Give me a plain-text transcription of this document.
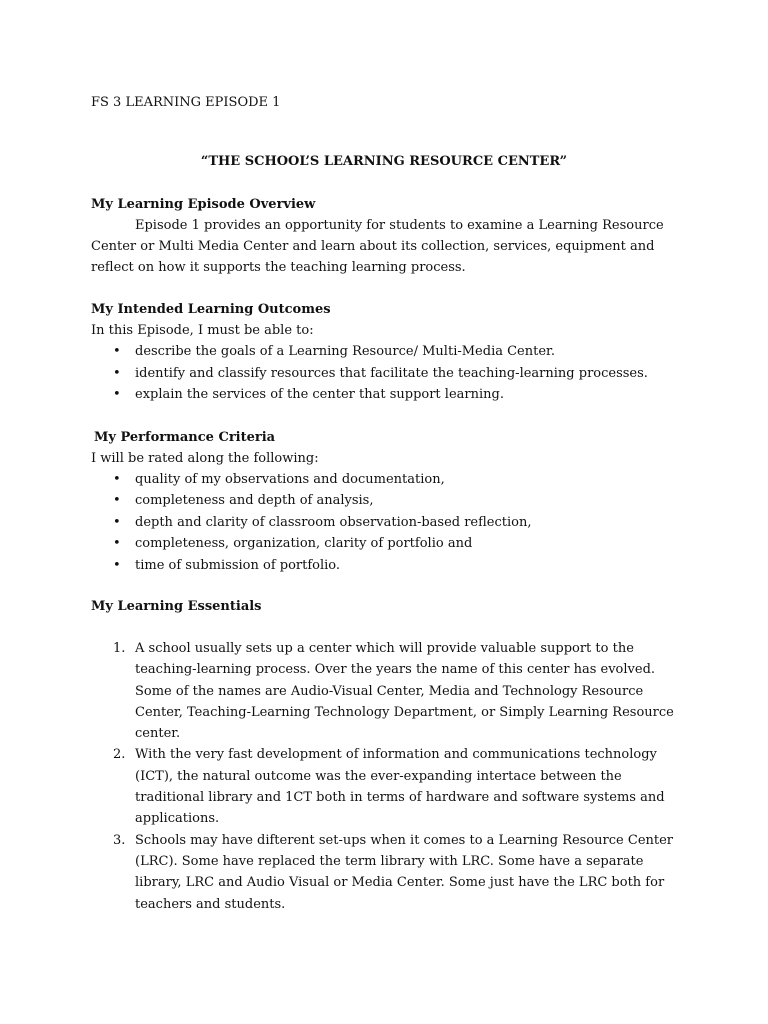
FS 3 LEARNING EPISODE 1

“THE SCHOOL’S LEARNING RESOURCE CENTER”

My Learning Episode Overview

Episode 1 provides an opportunity for students to examine a Learning Resource Center or Multi Media Center and learn about its collection, services, equipment and reflect on how it supports the teaching learning process.

My Intended Learning Outcomes

In this Episode, I must be able to:

• describe the goals of a Learning Resource/ Multi-Media Center.
• identify and classify resources that facilitate the teaching-learning processes.
• explain the services of the center that support learning.

My Performance Criteria

I will be rated along the following:

• quality of my observations and documentation,
• completeness and depth of analysis,
• depth and clarity of classroom observation-based reflection,
• completeness, organization, clarity of portfolio and
• time of submission of portfolio.

My Learning Essentials

1. A school usually sets up a center which will provide valuable support to the teaching-learning process. Over the years the name of this center has evolved. Some of the names are Audio-Visual Center, Media and Technology Resource Center, Teaching-Learning Technology Department, or Simply Learning Resource center.
2. With the very fast development of information and communications technology (ICT), the natural outcome was the ever-expanding intertace between the traditional library and 1CT both in terms of hardware and software systems and applications.
3. Schools may have difterent set-ups when it comes to a Learning Resource Center (LRC). Some have replaced the term library with LRC. Some have a separate library, LRC and Audio Visual or Media Center. Some just have the LRC both for teachers and students.
